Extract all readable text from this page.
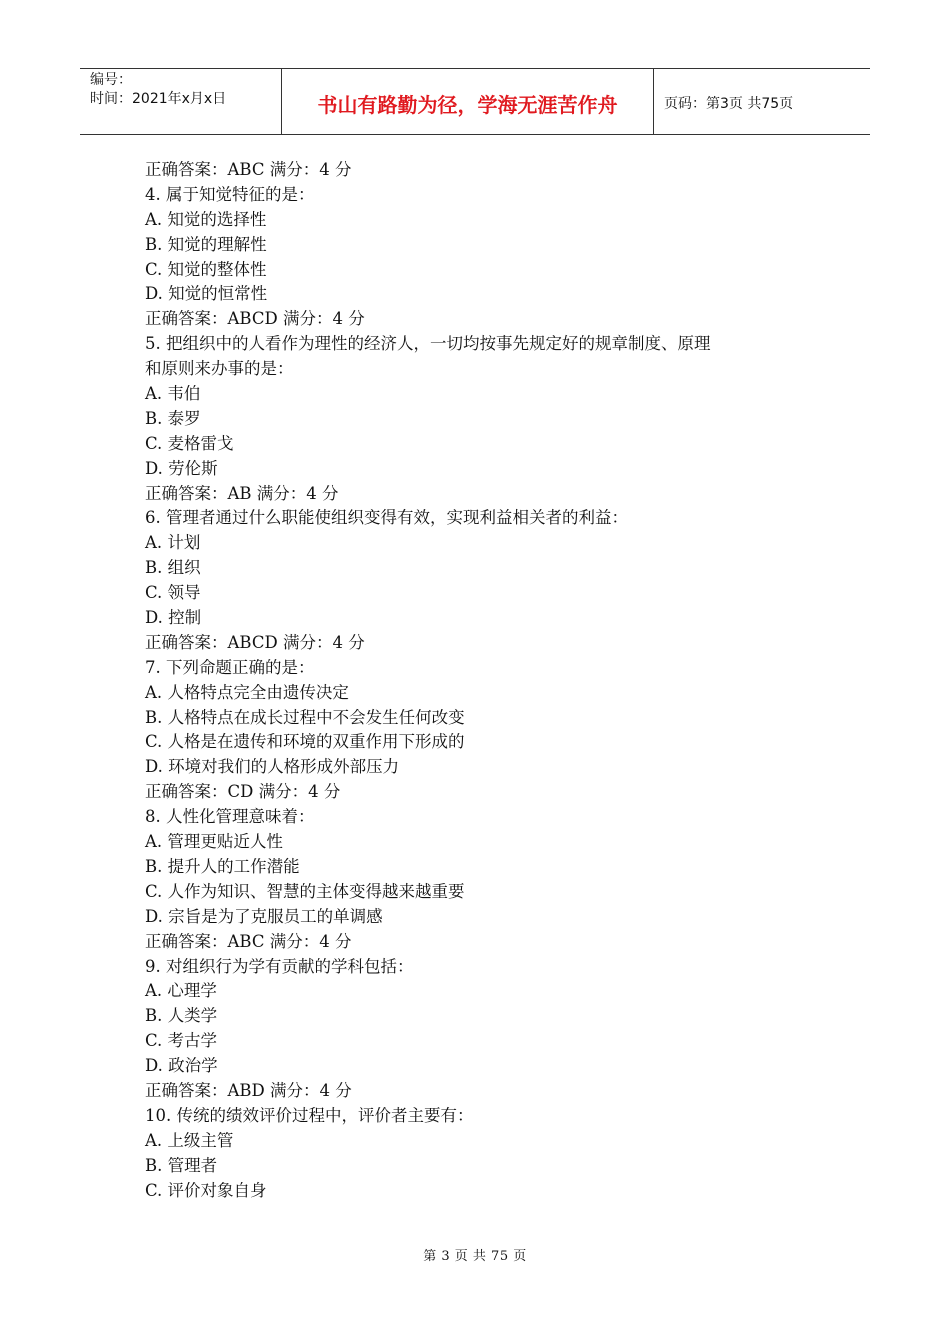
编号：
时间：2021年x月x日	书山有路勤为径，学海无涯苦作舟	页码：第3页 共75页
正确答案：ABC 满分：4 分
4. 属于知觉特征的是：
A. 知觉的选择性
B. 知觉的理解性
C. 知觉的整体性
D. 知觉的恒常性
正确答案：ABCD 满分：4 分
5. 把组织中的人看作为理性的经济人，一切均按事先规定好的规章制度、原理
和原则来办事的是：
A. 韦伯
B. 泰罗
C. 麦格雷戈
D. 劳伦斯
正确答案：AB 满分：4 分
6. 管理者通过什么职能使组织变得有效，实现利益相关者的利益：
A. 计划
B. 组织
C. 领导
D. 控制
正确答案：ABCD 满分：4 分
7. 下列命题正确的是：
A. 人格特点完全由遗传决定
B. 人格特点在成长过程中不会发生任何改变
C. 人格是在遗传和环境的双重作用下形成的
D. 环境对我们的人格形成外部压力
正确答案：CD 满分：4 分
8. 人性化管理意味着：
A. 管理更贴近人性
B. 提升人的工作潜能
C. 人作为知识、智慧的主体变得越来越重要
D. 宗旨是为了克服员工的单调感
正确答案：ABC 满分：4 分
9. 对组织行为学有贡献的学科包括：
A. 心理学
B. 人类学
C. 考古学
D. 政治学
正确答案：ABD 满分：4 分
10. 传统的绩效评价过程中，评价者主要有：
A. 上级主管
B. 管理者
C. 评价对象自身
第 3 页 共 75 页
